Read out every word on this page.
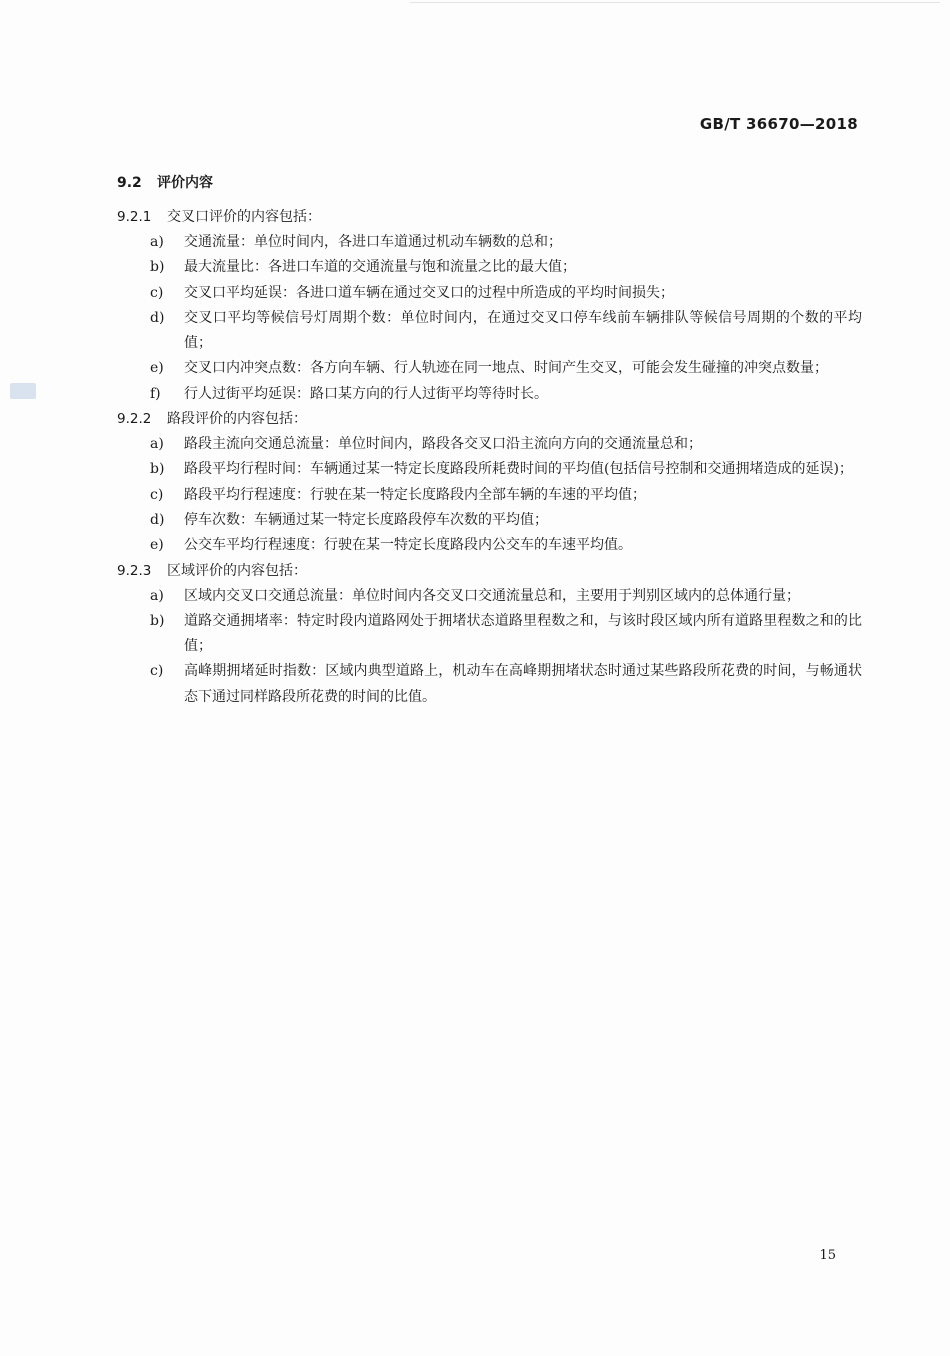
GB/T 36670—2018
9.2 评价内容

9.2.1 交叉口评价的内容包括：

a) 交通流量：单位时间内，各进口车道通过机动车辆数的总和；
b) 最大流量比：各进口车道的交通流量与饱和流量之比的最大值；
c) 交叉口平均延误：各进口道车辆在通过交叉口的过程中所造成的平均时间损失；
d) 交叉口平均等候信号灯周期个数：单位时间内，在通过交叉口停车线前车辆排队等候信号周期的个数的平均值；
e) 交叉口内冲突点数：各方向车辆、行人轨迹在同一地点、时间产生交叉，可能会发生碰撞的冲突点数量；
f) 行人过街平均延误：路口某方向的行人过街平均等待时长。

9.2.2 路段评价的内容包括：

a) 路段主流向交通总流量：单位时间内，路段各交叉口沿主流向方向的交通流量总和；
b) 路段平均行程时间：车辆通过某一特定长度路段所耗费时间的平均值(包括信号控制和交通拥堵造成的延误)；
c) 路段平均行程速度：行驶在某一特定长度路段内全部车辆的车速的平均值；
d) 停车次数：车辆通过某一特定长度路段停车次数的平均值；
e) 公交车平均行程速度：行驶在某一特定长度路段内公交车的车速平均值。

9.2.3 区域评价的内容包括：

a) 区域内交叉口交通总流量：单位时间内各交叉口交通流量总和，主要用于判别区域内的总体通行量；
b) 道路交通拥堵率：特定时段内道路网处于拥堵状态道路里程数之和，与该时段区域内所有道路里程数之和的比值；
c) 高峰期拥堵延时指数：区域内典型道路上，机动车在高峰期拥堵状态时通过某些路段所花费的时间，与畅通状态下通过同样路段所花费的时间的比值。
15
